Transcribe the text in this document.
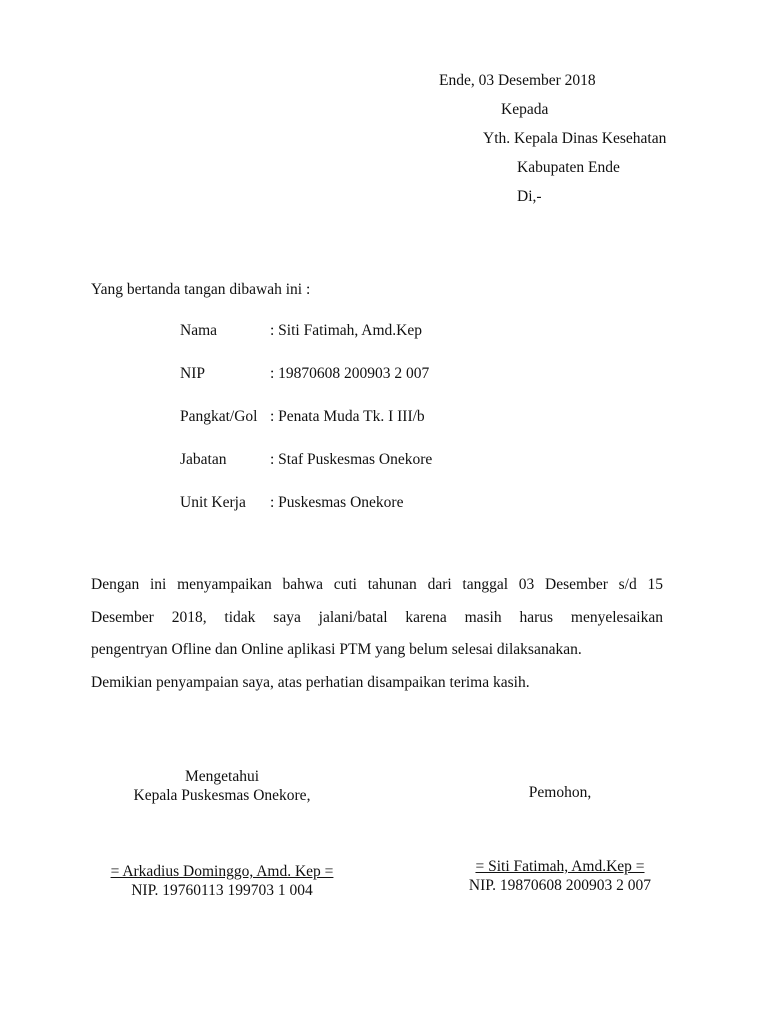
Ende, 03 Desember 2018
Kepada
Yth. Kepala Dinas Kesehatan
Kabupaten Ende
Di,-
Yang bertanda tangan dibawah ini :
Nama	: Siti Fatimah, Amd.Kep
NIP	: 19870608 200903 2 007
Pangkat/Gol : Penata Muda Tk. I III/b
Jabatan	: Staf Puskesmas Onekore
Unit Kerja : Puskesmas Onekore
Dengan ini menyampaikan bahwa cuti tahunan dari tanggal 03 Desember s/d 15
Desember 2018, tidak saya jalani/batal karena masih harus menyelesaikan
pengentryan Ofline dan Online aplikasi PTM yang belum selesai dilaksanakan.
Demikian penyampaian saya, atas perhatian disampaikan terima kasih.
Mengetahui
Kepala Puskesmas Onekore,
= Arkadius Dominggo, Amd. Kep =
NIP. 19760113 199703 1 004
Pemohon,
= Siti Fatimah, Amd.Kep =
NIP. 19870608 200903 2 007
